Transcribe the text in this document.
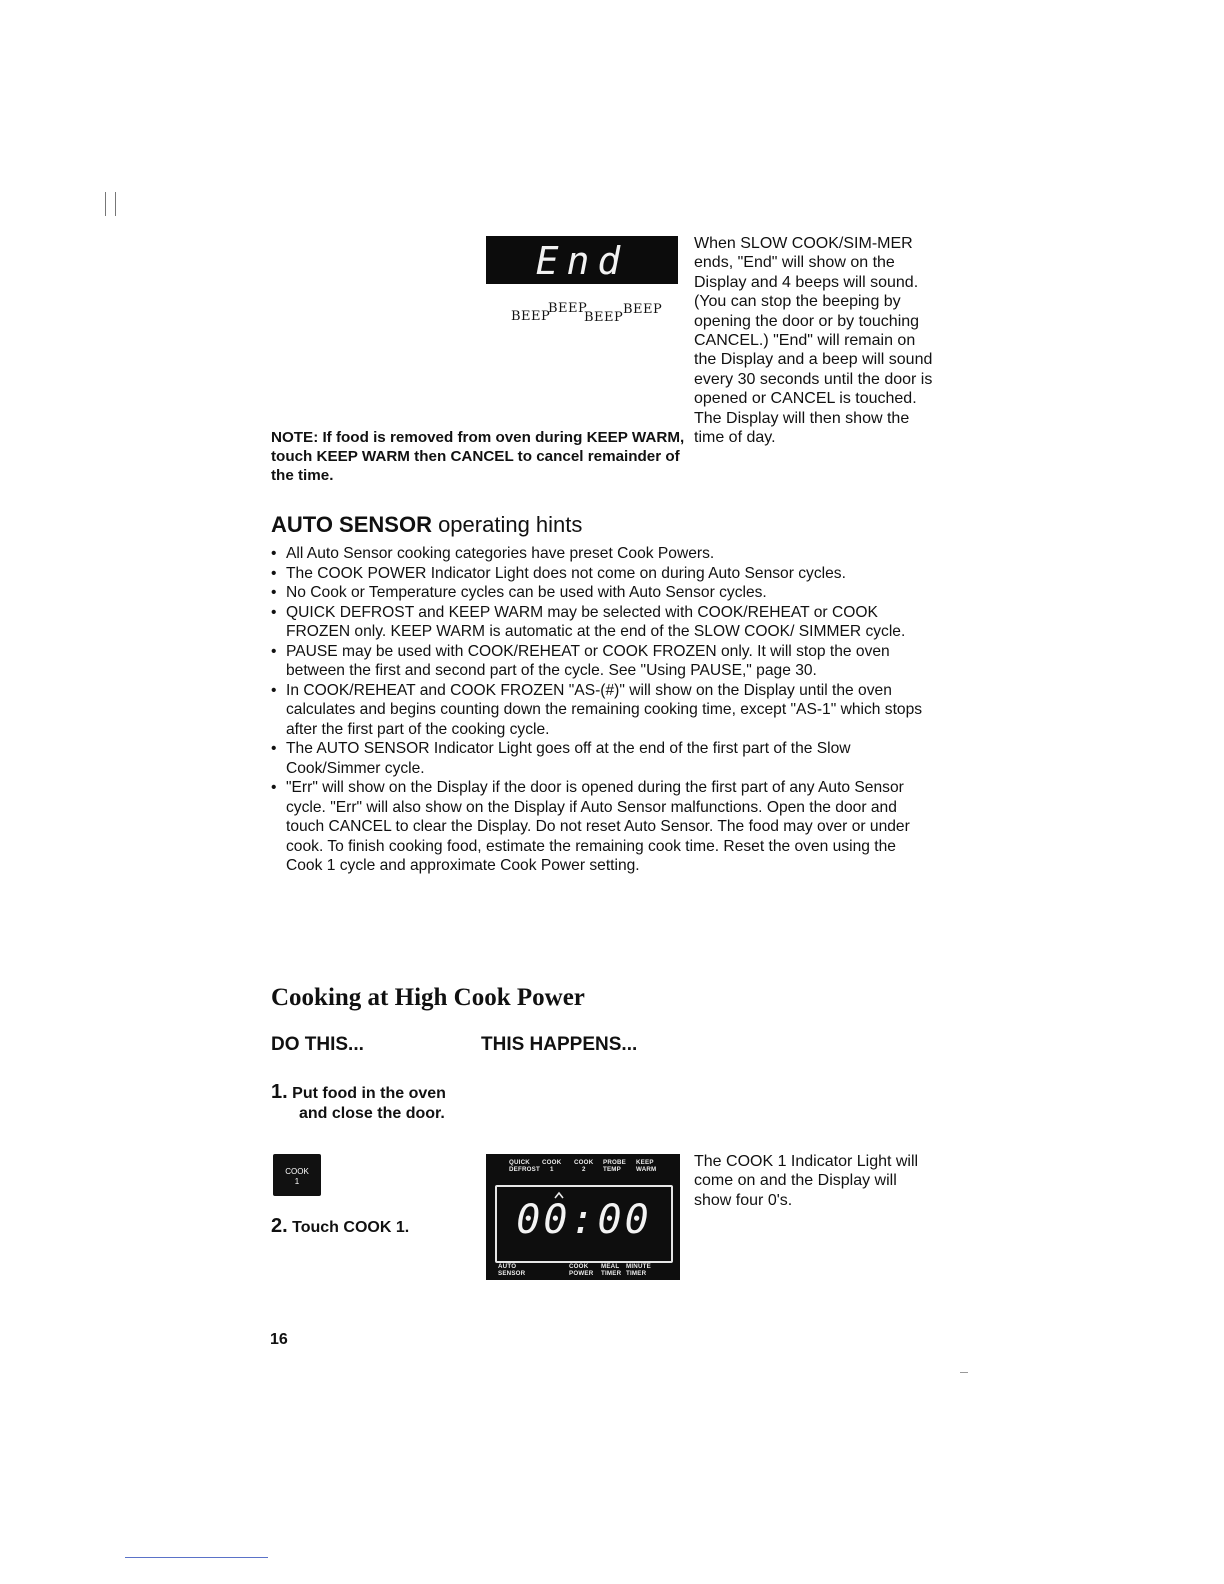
End
BEEP
BEEP
BEEP
BEEP
When SLOW COOK/SIM-MER ends, "End" will show on the Display and 4 beeps will sound. (You can stop the beeping by opening the door or by touching CANCEL.) "End" will remain on the Display and a beep will sound every 30 seconds until the door is opened or CANCEL is touched. The Display will then show the time of day.
NOTE: If food is removed from oven during KEEP WARM, touch KEEP WARM then CANCEL to cancel remainder of the time.
AUTO SENSOR operating hints
• All Auto Sensor cooking categories have preset Cook Powers.
• The COOK POWER Indicator Light does not come on during Auto Sensor cycles.
• No Cook or Temperature cycles can be used with Auto Sensor cycles.
• QUICK DEFROST and KEEP WARM may be selected with COOK/REHEAT or COOK FROZEN only. KEEP WARM is automatic at the end of the SLOW COOK/ SIMMER cycle.
• PAUSE may be used with COOK/REHEAT or COOK FROZEN only. It will stop the oven between the first and second part of the cycle. See "Using PAUSE," page 30.
• In COOK/REHEAT and COOK FROZEN "AS-(#)" will show on the Display until the oven calculates and begins counting down the remaining cooking time, except "AS-1" which stops after the first part of the cooking cycle.
• The AUTO SENSOR Indicator Light goes off at the end of the first part of the Slow Cook/Simmer cycle.
• "Err" will show on the Display if the door is opened during the first part of any Auto Sensor cycle. "Err" will also show on the Display if Auto Sensor malfunctions. Open the door and touch CANCEL to clear the Display. Do not reset Auto Sensor. The food may over or under cook. To finish cooking food, estimate the remaining cook time. Reset the oven using the Cook 1 cycle and approximate Cook Power setting.
Cooking at High Cook Power
DO THIS...	THIS HAPPENS...
1. Put food in the oven
and close the door.
COOK
1
2. Touch COOK 1.
QUICK
DEFROST
COOK
1
COOK
2
PROBE
TEMP
KEEP
WARM
00:00
AUTO
SENSOR
COOK
POWER
MEAL
TIMER
MINUTE
TIMER
The COOK 1 Indicator Light will come on and the Display will show four 0's.
16
